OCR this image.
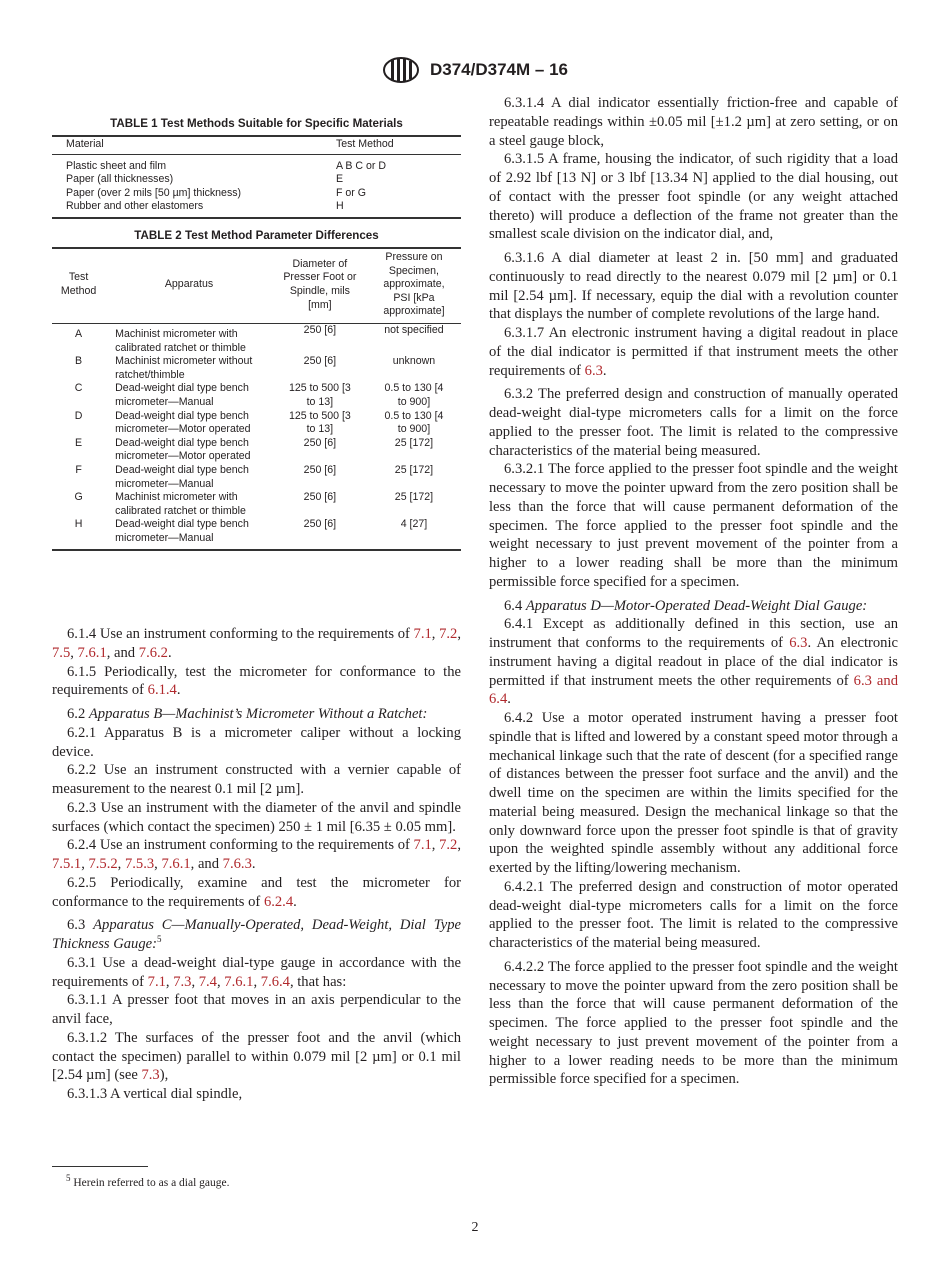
D374/D374M – 16
TABLE 1 Test Methods Suitable for Specific Materials
Material	Test Method
Plastic sheet and film	A B C or D
Paper (all thicknesses)	E
Paper (over 2 mils [50 µm] thickness)	F or G
Rubber and other elastomers	H
TABLE 2 Test Method Parameter Differences
Test Method	Apparatus	Diameter of Presser Foot or Spindle, mils [mm]	Pressure on Specimen, approximate, PSI [kPa approximate]
A	Machinist micrometer with calibrated ratchet or thimble	250 [6]	not specified
B	Machinist micrometer without ratchet/thimble	250 [6]	unknown
C	Dead-weight dial type bench micrometer—Manual	125 to 500 [3 to 13]	0.5 to 130 [4 to 900]
D	Dead-weight dial type bench micrometer—Motor operated	125 to 500 [3 to 13]	0.5 to 130 [4 to 900]
E	Dead-weight dial type bench micrometer—Motor operated	250 [6]	25 [172]
F	Dead-weight dial type bench micrometer—Manual	250 [6]	25 [172]
G	Machinist micrometer with calibrated ratchet or thimble	250 [6]	25 [172]
H	Dead-weight dial type bench micrometer—Manual	250 [6]	4 [27]

6.1.4 Use an instrument conforming to the requirements of 7.1, 7.2, 7.5, 7.6.1, and 7.6.2.

6.1.5 Periodically, test the micrometer for conformance to the requirements of 6.1.4.

6.2 Apparatus B—Machinist’s Micrometer Without a Ratchet:

6.2.1 Apparatus B is a micrometer caliper without a locking device.

6.2.2 Use an instrument constructed with a vernier capable of measurement to the nearest 0.1 mil [2 µm].

6.2.3 Use an instrument with the diameter of the anvil and spindle surfaces (which contact the specimen) 250 ± 1 mil [6.35 ± 0.05 mm].

6.2.4 Use an instrument conforming to the requirements of 7.1, 7.2, 7.5.1, 7.5.2, 7.5.3, 7.6.1, and 7.6.3.

6.2.5 Periodically, examine and test the micrometer for conformance to the requirements of 6.2.4.

6.3 Apparatus C—Manually-Operated, Dead-Weight, Dial Type Thickness Gauge:$^5$

6.3.1 Use a dead-weight dial-type gauge in accordance with the requirements of 7.1, 7.3, 7.4, 7.6.1, 7.6.4, that has:

6.3.1.1 A presser foot that moves in an axis perpendicular to the anvil face,

6.3.1.2 The surfaces of the presser foot and the anvil (which contact the specimen) parallel to within 0.079 mil [2 µm] or 0.1 mil [2.54 µm] (see 7.3),

6.3.1.3 A vertical dial spindle,

6.3.1.4 A dial indicator essentially friction-free and capable of repeatable readings within ±0.05 mil [±1.2 µm] at zero setting, or on a steel gauge block,

6.3.1.5 A frame, housing the indicator, of such rigidity that a load of 2.92 lbf [13 N] or 3 lbf [13.34 N] applied to the dial housing, out of contact with the presser foot spindle (or any weight attached thereto) will produce a deflection of the frame not greater than the smallest scale division on the indicator dial, and,

6.3.1.6 A dial diameter at least 2 in. [50 mm] and graduated continuously to read directly to the nearest 0.079 mil [2 µm] or 0.1 mil [2.54 µm]. If necessary, equip the dial with a revolution counter that displays the number of complete revolutions of the large hand.

6.3.1.7 An electronic instrument having a digital readout in place of the dial indicator is permitted if that instrument meets the other requirements of 6.3.

6.3.2 The preferred design and construction of manually operated dead-weight dial-type micrometers calls for a limit on the force applied to the presser foot. The limit is related to the compressive characteristics of the material being measured.

6.3.2.1 The force applied to the presser foot spindle and the weight necessary to move the pointer upward from the zero position shall be less than the force that will cause permanent deformation of the specimen. The force applied to the presser foot spindle and the weight necessary to just prevent movement of the pointer from a higher to a lower reading shall be more than the minimum permissible force specified for a specimen.

6.4 Apparatus D—Motor-Operated Dead-Weight Dial Gauge:

6.4.1 Except as additionally defined in this section, use an instrument that conforms to the requirements of 6.3. An electronic instrument having a digital readout in place of the dial indicator is permitted if that instrument meets the other requirements of 6.3 and 6.4.

6.4.2 Use a motor operated instrument having a presser foot spindle that is lifted and lowered by a constant speed motor through a mechanical linkage such that the rate of descent (for a specified range of distances between the presser foot surface and the anvil) and the dwell time on the specimen are within the limits specified for the material being measured. Design the mechanical linkage so that the only downward force upon the presser foot spindle is that of gravity upon the weighted spindle assembly without any additional force exerted by the lifting/lowering mechanism.

6.4.2.1 The preferred design and construction of motor operated dead-weight dial-type micrometers calls for a limit on the force applied to the presser foot. The limit is related to the compressive characteristics of the material being measured.

6.4.2.2 The force applied to the presser foot spindle and the weight necessary to move the pointer upward from the zero position shall be less than the force that will cause permanent deformation of the specimen. The force applied to the presser foot spindle and the weight necessary to just prevent movement of the pointer from a higher to a lower reading needs to be more than the minimum permissible force specified for a specimen.

$^5$ Herein referred to as a dial gauge.
2
